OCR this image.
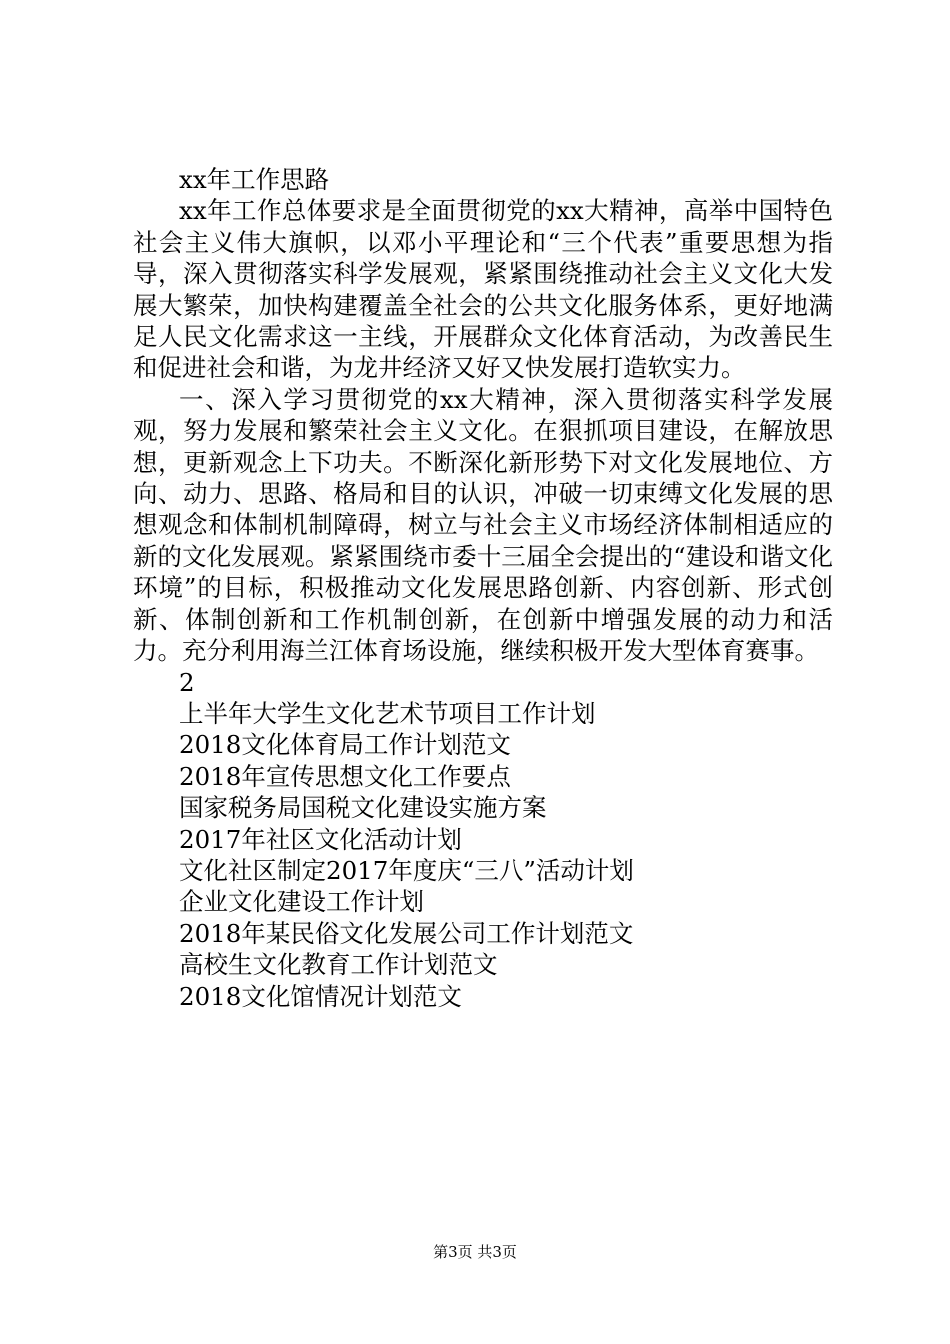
xx年工作思路

xx年工作总体要求是全面贯彻党的xx大精神，高举中国特色社会主义伟大旗帜，以邓小平理论和“三个代表”重要思想为指导，深入贯彻落实科学发展观，紧紧围绕推动社会主义文化大发展大繁荣，加快构建覆盖全社会的公共文化服务体系，更好地满足人民文化需求这一主线，开展群众文化体育活动，为改善民生和促进社会和谐，为龙井经济又好又快发展打造软实力。

一、深入学习贯彻党的xx大精神，深入贯彻落实科学发展观，努力发展和繁荣社会主义文化。在狠抓项目建设，在解放思想，更新观念上下功夫。不断深化新形势下对文化发展地位、方向、动力、思路、格局和目的认识，冲破一切束缚文化发展的思想观念和体制机制障碍，树立与社会主义市场经济体制相适应的新的文化发展观。紧紧围绕市委十三届全会提出的“建设和谐文化环境”的目标，积极推动文化发展思路创新、内容创新、形式创新、体制创新和工作机制创新，在创新中增强发展的动力和活力。充分利用海兰江体育场设施，继续积极开发大型体育赛事。

2

上半年大学生文化艺术节项目工作计划
2018文化体育局工作计划范文
2018年宣传思想文化工作要点
国家税务局国税文化建设实施方案
2017年社区文化活动计划
文化社区制定2017年度庆“三八”活动计划
企业文化建设工作计划
2018年某民俗文化发展公司工作计划范文
高校生文化教育工作计划范文
2018文化馆情况计划范文
第3页 共3页
